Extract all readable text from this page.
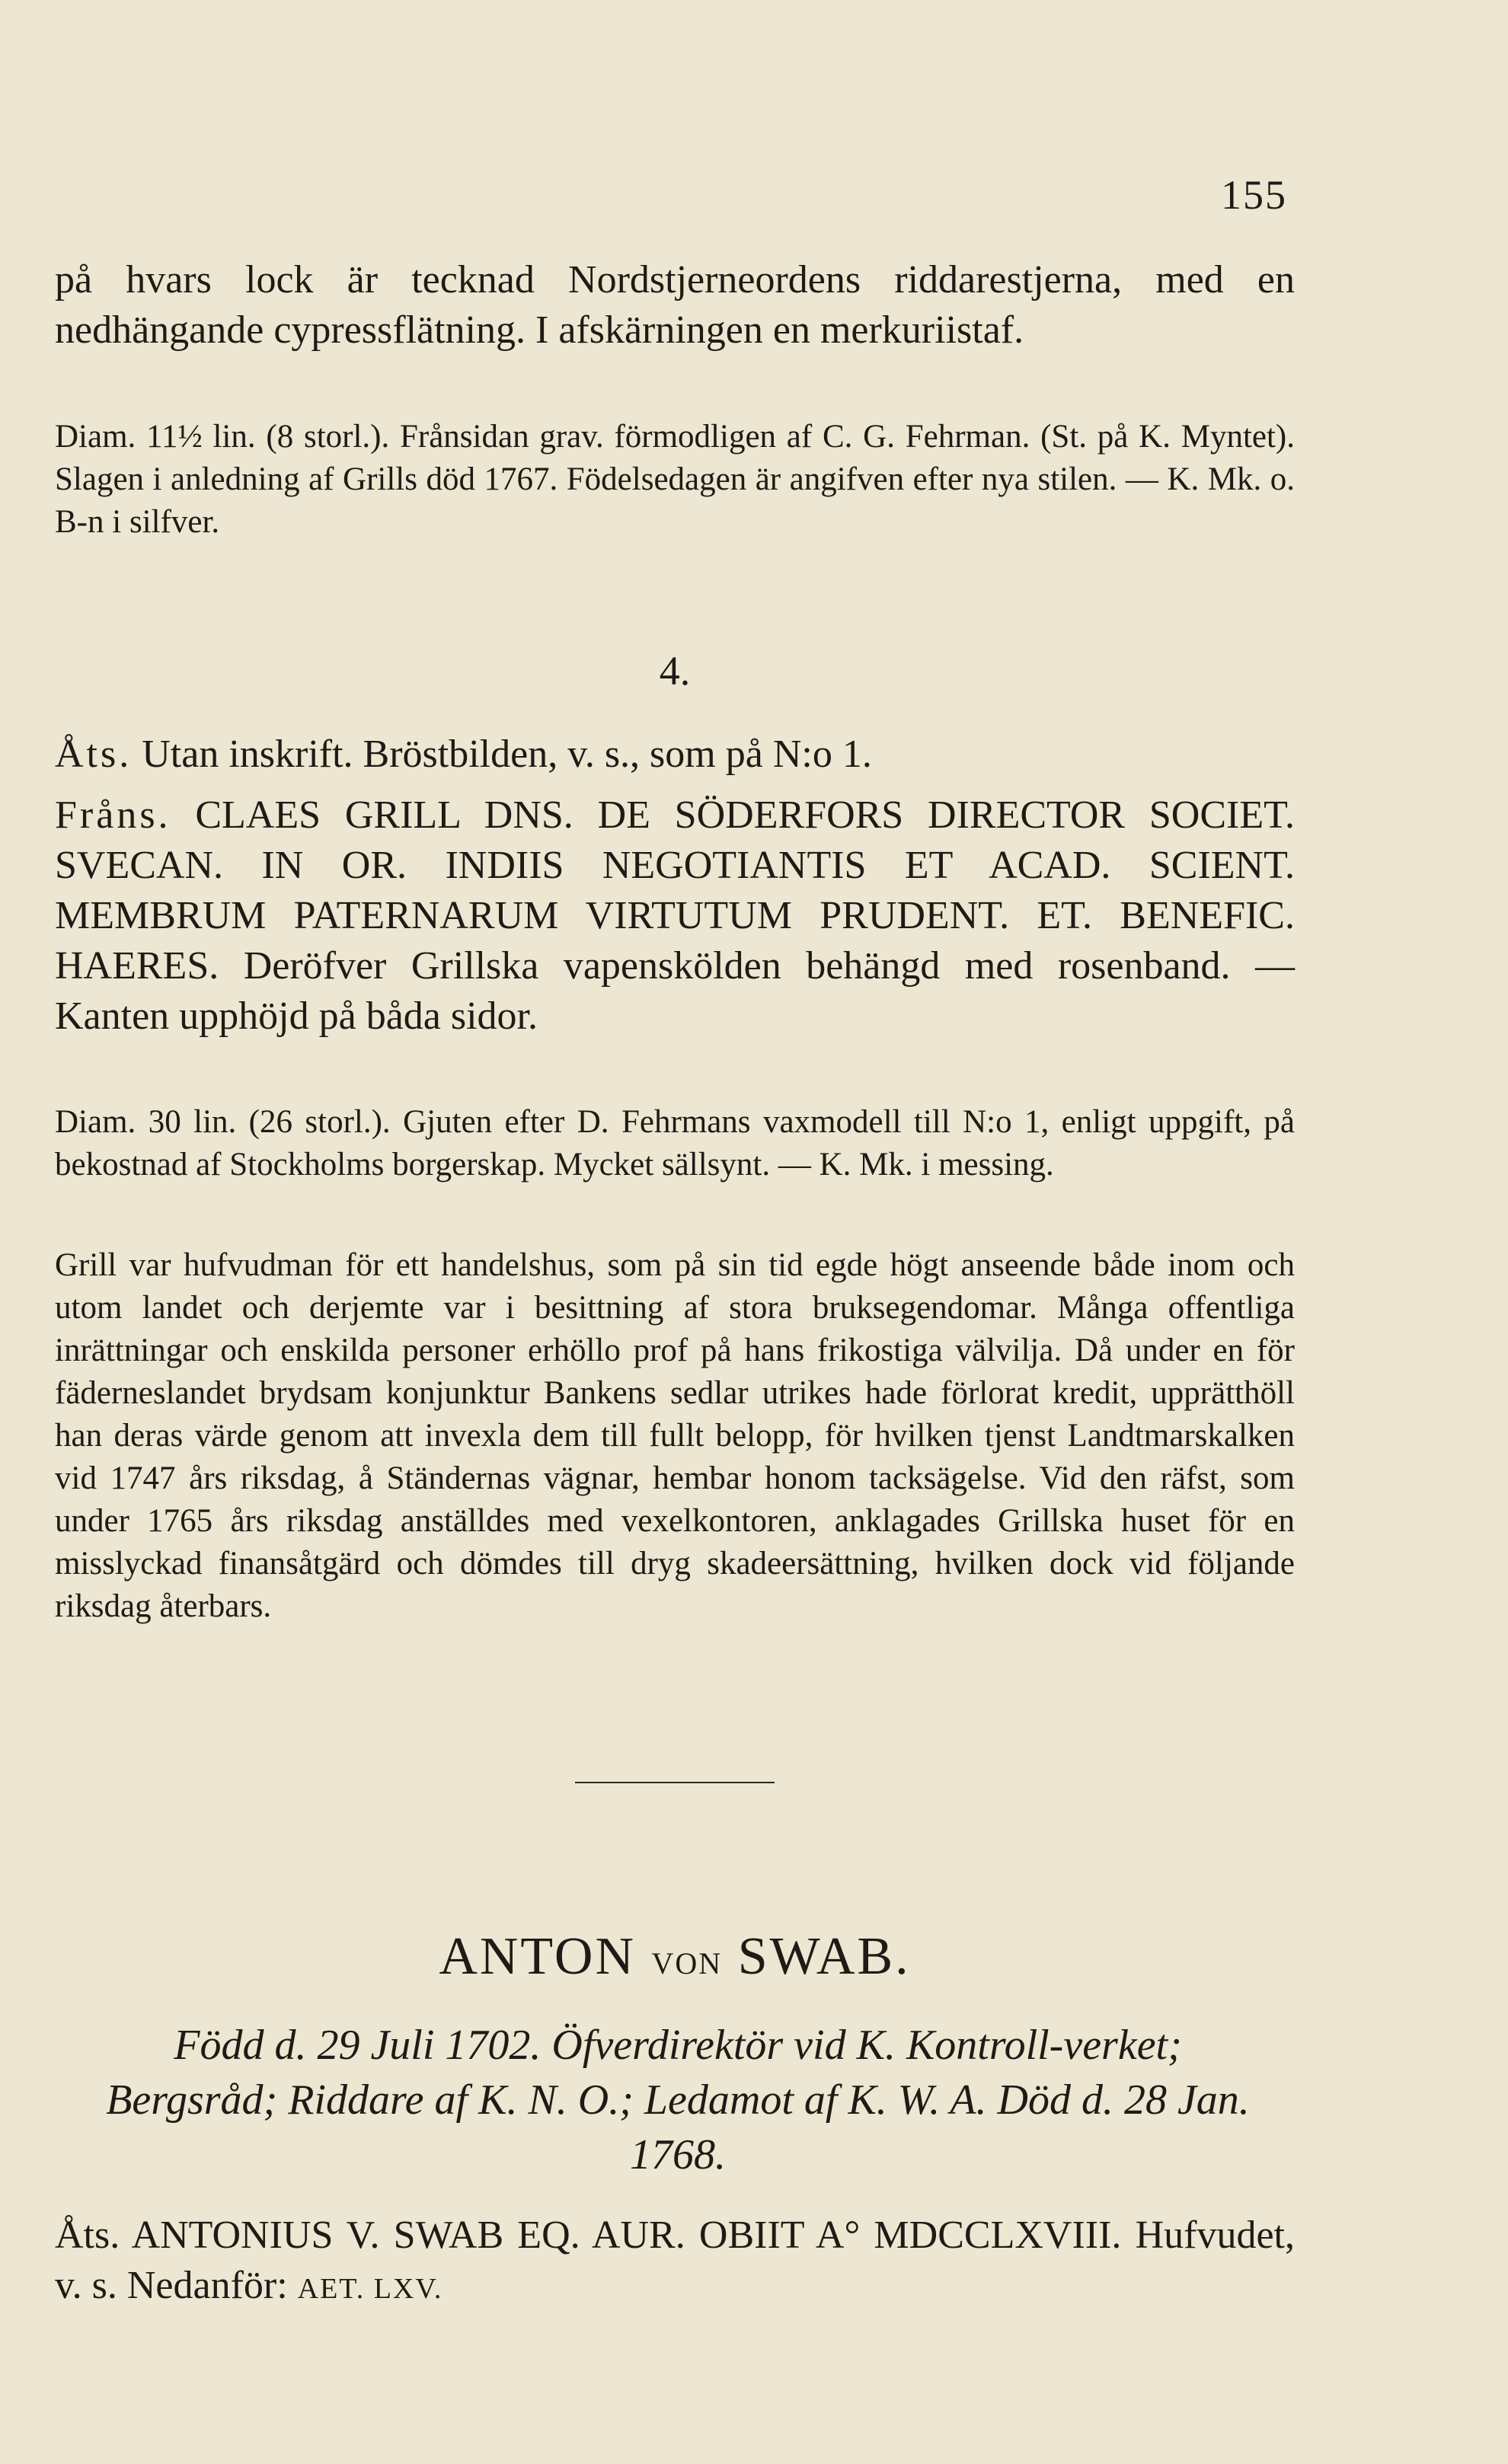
155

på hvars lock är tecknad Nordstjerneordens riddarestjerna, med en nedhängande cypressflätning. I afskärningen en merkuriistaf.

Diam. 11½ lin. (8 storl.). Frånsidan grav. förmodligen af C. G. Fehrman. (St. på K. Myntet). Slagen i anledning af Grills död 1767. Födelsedagen är angifven efter nya stilen. — K. Mk. o. B-n i silfver.

4.

Åts. Utan inskrift. Bröstbilden, v. s., som på N:o 1.

Fråns. CLAES GRILL DNS. DE SÖDERFORS DIRECTOR SOCIET. SVECAN. IN OR. INDIIS NEGOTIANTIS ET ACAD. SCIENT. MEMBRUM PATERNARUM VIRTUTUM PRUDENT. ET. BENEFIC. HAERES. Deröfver Grillska vapenskölden behängd med rosenband. — Kanten upphöjd på båda sidor.

Diam. 30 lin. (26 storl.). Gjuten efter D. Fehrmans vaxmodell till N:o 1, enligt uppgift, på bekostnad af Stockholms borgerskap. Mycket sällsynt. — K. Mk. i messing.

Grill var hufvudman för ett handelshus, som på sin tid egde högt anseende både inom och utom landet och derjemte var i besittning af stora bruksegendomar. Många offentliga inrättningar och enskilda personer erhöllo prof på hans frikostiga välvilja. Då under en för fäderneslandet brydsam konjunktur Bankens sedlar utrikes hade förlorat kredit, upprätthöll han deras värde genom att invexla dem till fullt belopp, för hvilken tjenst Landtmarskalken vid 1747 års riksdag, å Ständernas vägnar, hembar honom tacksägelse. Vid den räfst, som under 1765 års riksdag anställdes med vexelkontoren, anklagades Grillska huset för en misslyckad finansåtgärd och dömdes till dryg skadeersättning, hvilken dock vid följande riksdag återbars.

ANTON VON SWAB.

Född d. 29 Juli 1702. Öfverdirektör vid K. Kontroll-verket; Bergsråd; Riddare af K. N. O.; Ledamot af K. W. A. Död d. 28 Jan. 1768.

Åts. ANTONIUS V. SWAB EQ. AUR. OBIIT A° MDCCLXVIII. Hufvudet, v. s. Nedanför: AET. LXV.
